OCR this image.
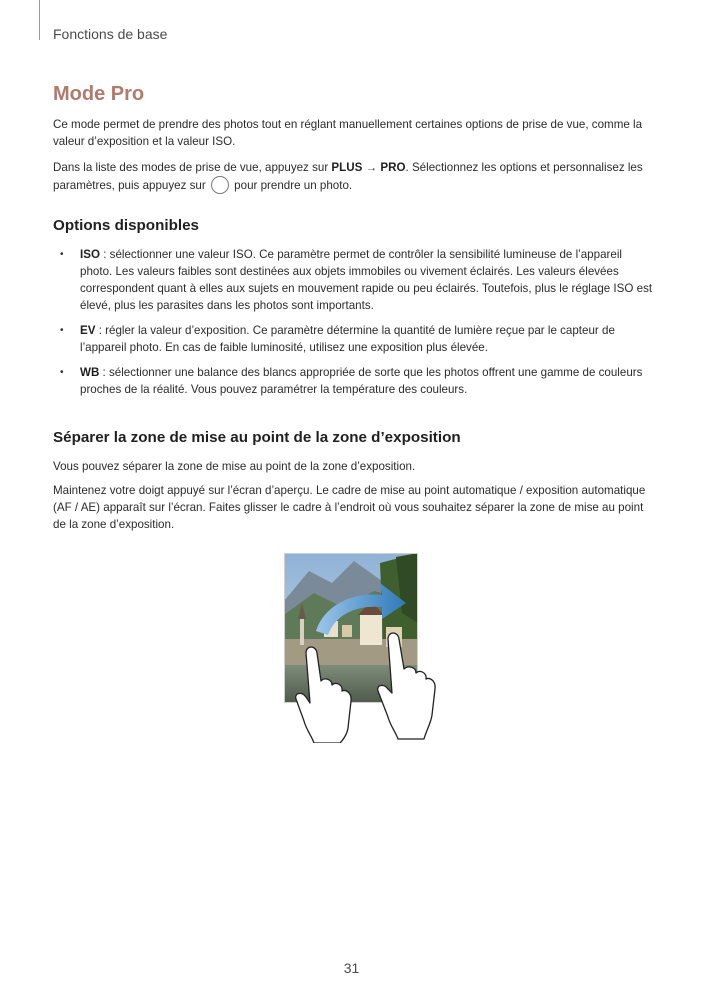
Fonctions de base
Mode Pro

Ce mode permet de prendre des photos tout en réglant manuellement certaines options de prise de vue, comme la valeur d’exposition et la valeur ISO.

Dans la liste des modes de prise de vue, appuyez sur PLUS → PRO. Sélectionnez les options et personnalisez les paramètres, puis appuyez sur  pour prendre un photo.

Options disponibles
• ISO : sélectionner une valeur ISO. Ce paramètre permet de contrôler la sensibilité lumineuse de l’appareil photo. Les valeurs faibles sont destinées aux objets immobiles ou vivement éclairés. Les valeurs élevées correspondent quant à elles aux sujets en mouvement rapide ou peu éclairés. Toutefois, plus le réglage ISO est élevé, plus les parasites dans les photos sont importants.
• EV : régler la valeur d’exposition. Ce paramètre détermine la quantité de lumière reçue par le capteur de l’appareil photo. En cas de faible luminosité, utilisez une exposition plus élevée.
• WB : sélectionner une balance des blancs appropriée de sorte que les photos offrent une gamme de couleurs proches de la réalité. Vous pouvez paramétrer la température des couleurs.
Séparer la zone de mise au point de la zone d’exposition

Vous pouvez séparer la zone de mise au point de la zone d’exposition.

Maintenez votre doigt appuyé sur l’écran d’aperçu. Le cadre de mise au point automatique / exposition automatique (AF / AE) apparaît sur l’écran. Faites glisser le cadre à l’endroit où vous souhaitez séparer la zone de mise au point de la zone d’exposition.

31
